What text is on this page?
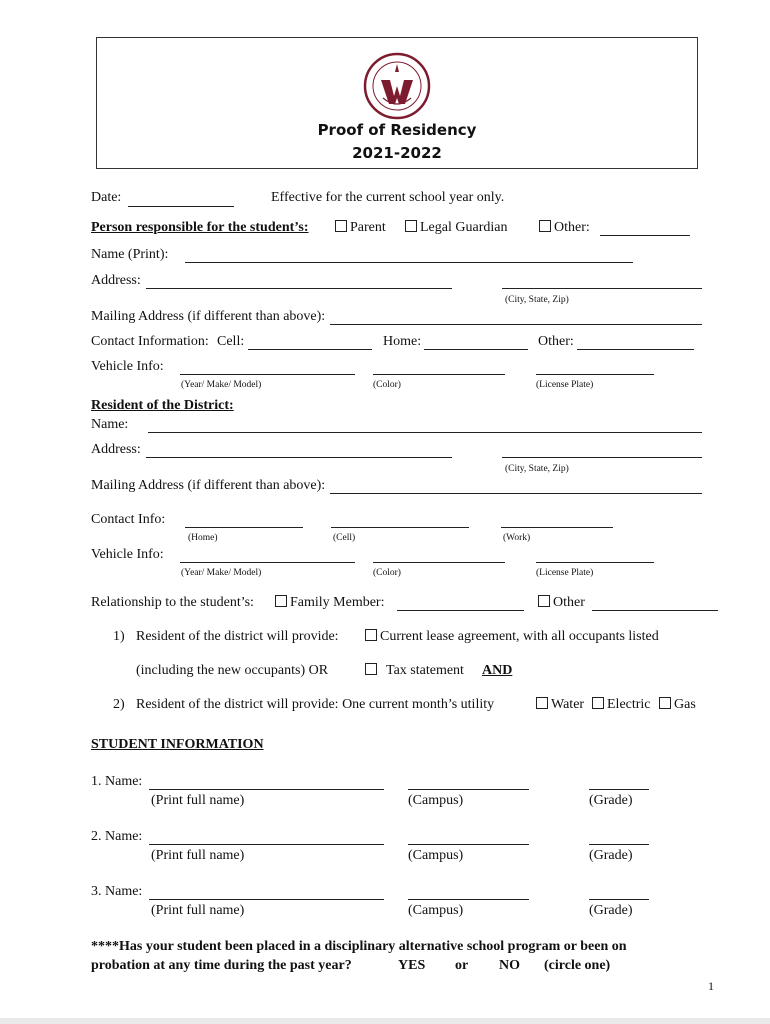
Proof of Residency
2021-2022
Date:	Effective for the current school year only.
Person responsible for the student’s:	Parent	Legal Guardian	Other:
Name (Print):
Address:
(City, State, Zip)
Mailing Address (if different than above):
Contact Information: Cell:	Home:	Other:
Vehicle Info:
(Year/ Make/ Model)	(Color)	(License Plate)
Resident of the District:
Name:
Address:
(City, State, Zip)
Mailing Address (if different than above):
Contact Info:
(Home)	(Cell)	(Work)
Vehicle Info:
(Year/ Make/ Model)	(Color)	(License Plate)
Relationship to the student’s:	Family Member:	Other
1) Resident of the district will provide:	Current lease agreement, with all occupants listed
(including the new occupants) OR	Tax statement AND
2) Resident of the district will provide: One current month’s utility	Water	Electric	Gas
STUDENT INFORMATION
1. Name:
(Print full name)	(Campus)	(Grade)
2. Name:
(Print full name)	(Campus)	(Grade)
3. Name:
(Print full name)	(Campus)	(Grade)
****Has your student been placed in a disciplinary alternative school program or been on
probation at any time during the past year?	YES or NO (circle one)
1
